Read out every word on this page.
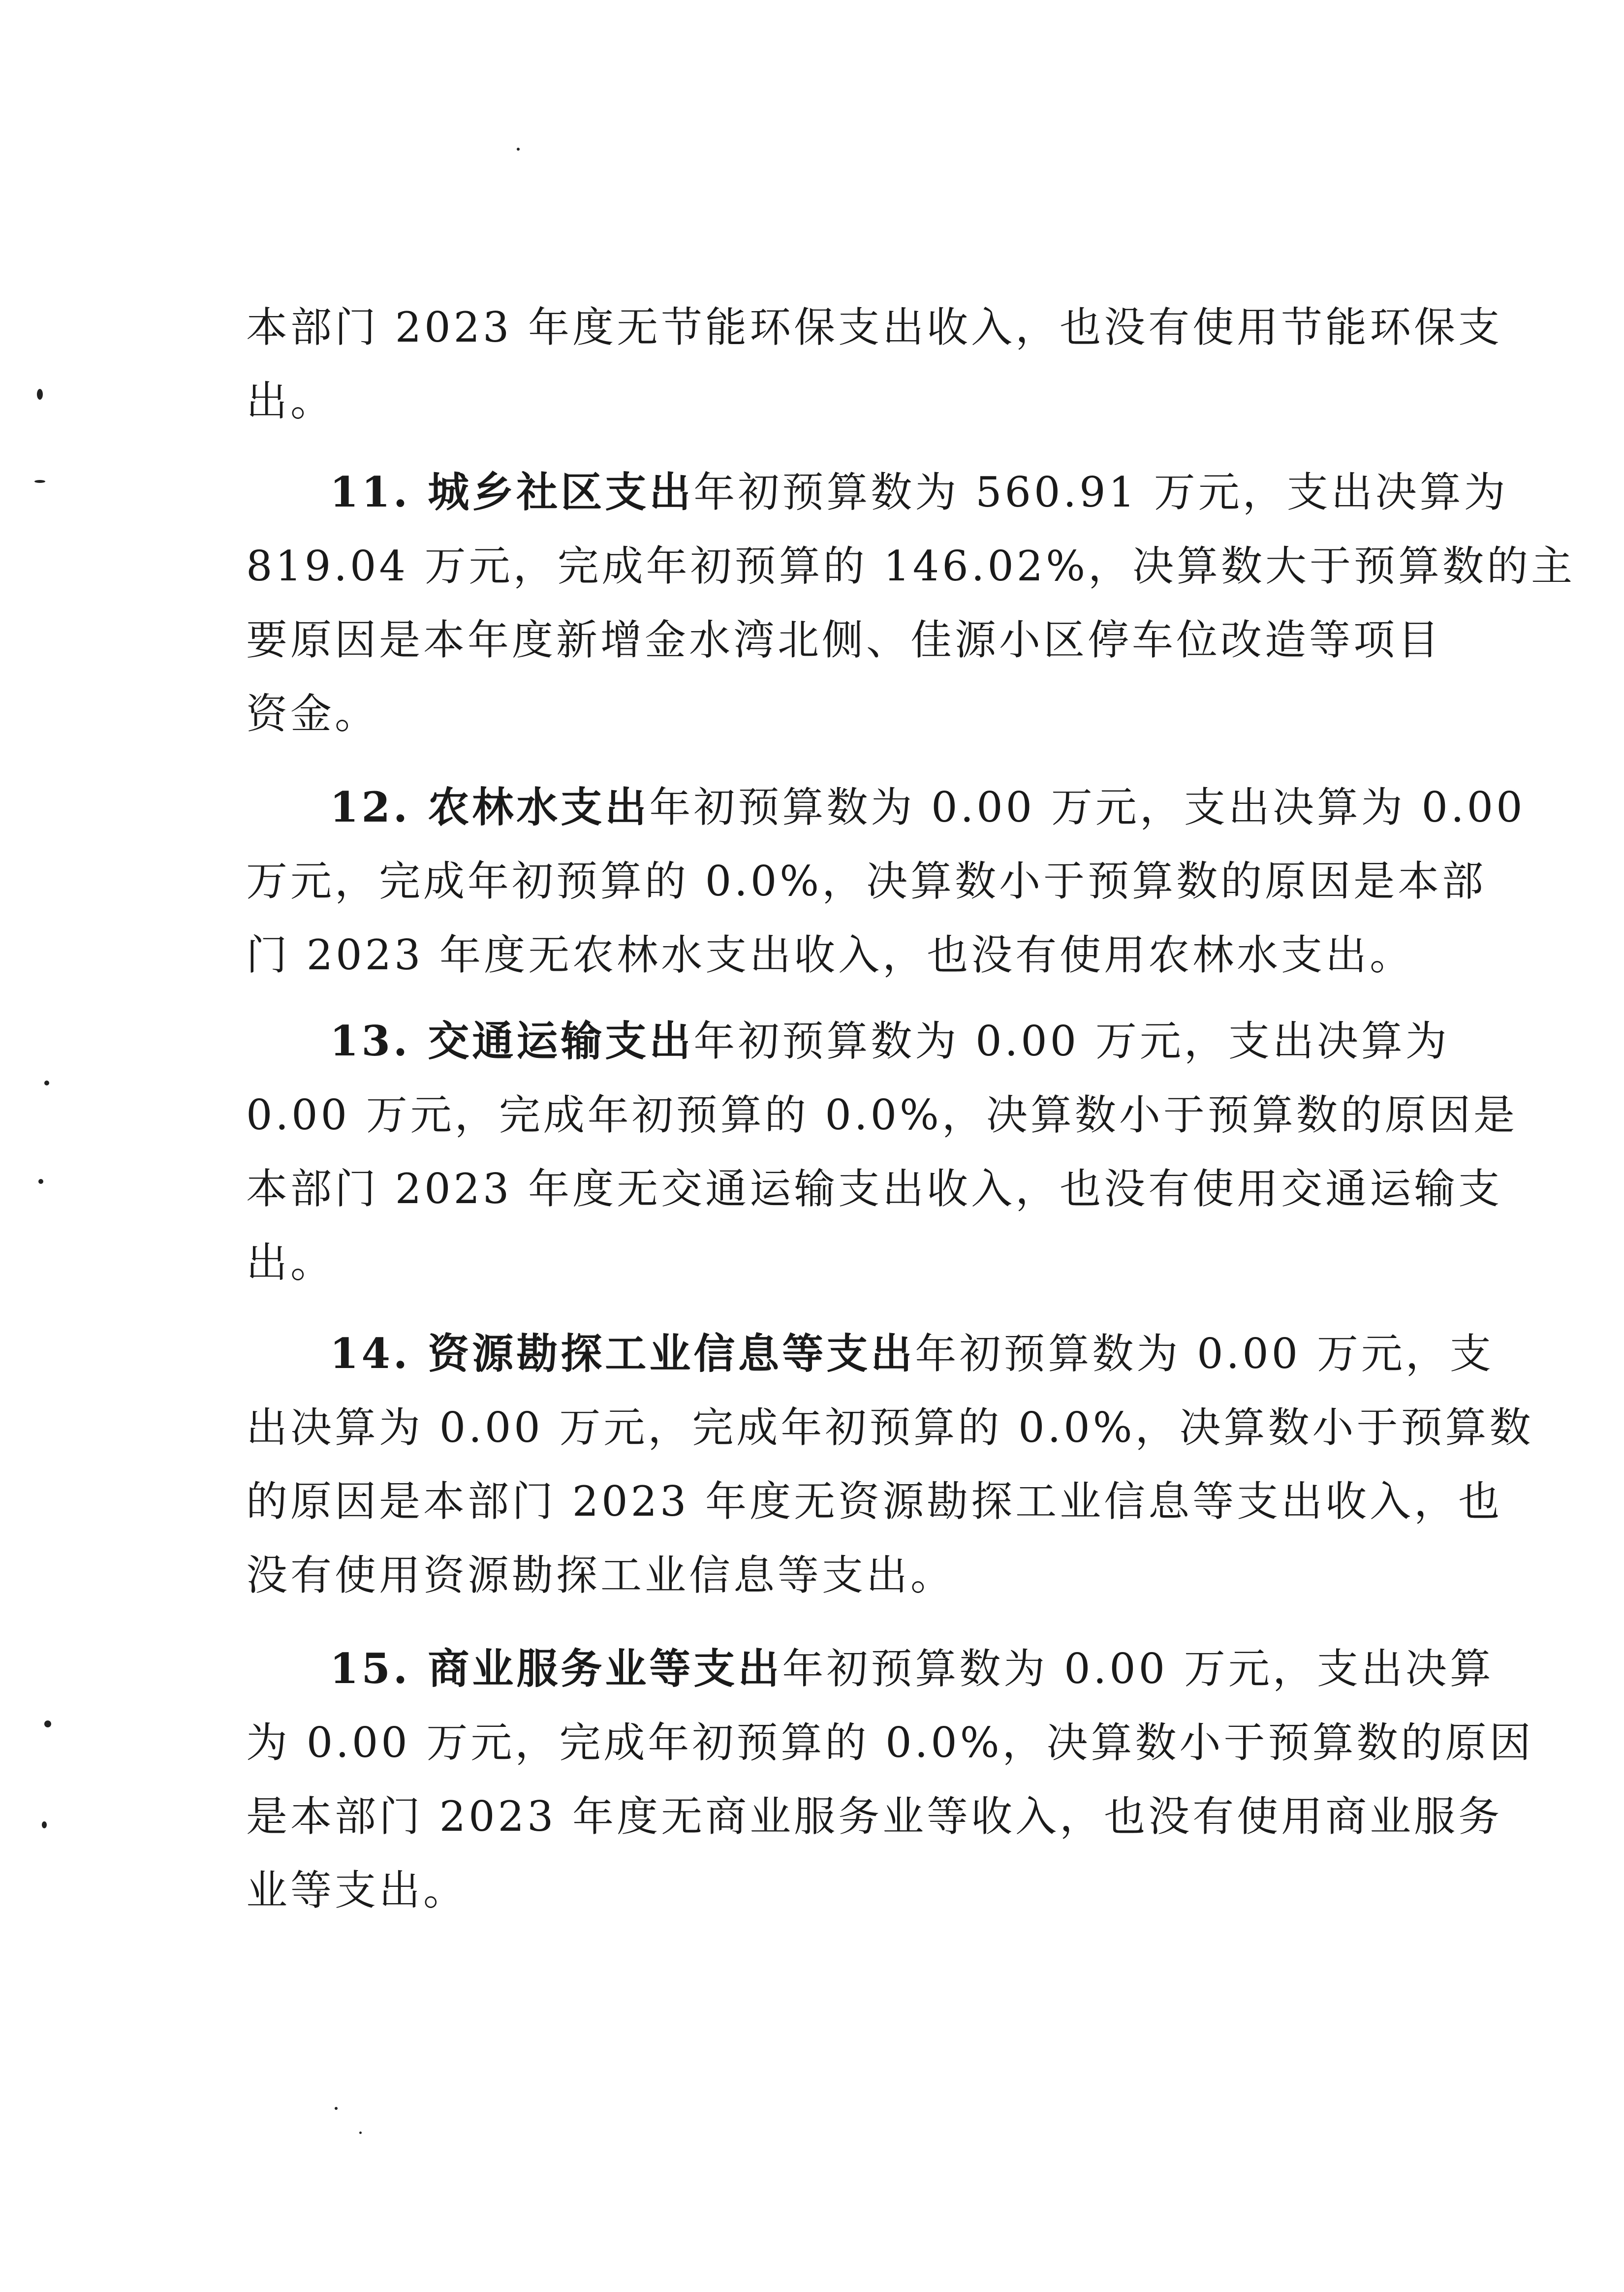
本部门 2023 年度无节能环保支出收入，也没有使用节能环保支
出。
11. 城乡社区支出年初预算数为 560.91 万元，支出决算为
819.04 万元，完成年初预算的 146.02%，决算数大于预算数的主
要原因是本年度新增金水湾北侧、佳源小区停车位改造等项目
资金。
12. 农林水支出年初预算数为 0.00 万元，支出决算为 0.00
万元，完成年初预算的 0.0%，决算数小于预算数的原因是本部
门 2023 年度无农林水支出收入，也没有使用农林水支出。
13. 交通运输支出年初预算数为 0.00 万元，支出决算为
0.00 万元，完成年初预算的 0.0%，决算数小于预算数的原因是
本部门 2023 年度无交通运输支出收入，也没有使用交通运输支
出。
14. 资源勘探工业信息等支出年初预算数为 0.00 万元，支
出决算为 0.00 万元，完成年初预算的 0.0%，决算数小于预算数
的原因是本部门 2023 年度无资源勘探工业信息等支出收入，也
没有使用资源勘探工业信息等支出。
15. 商业服务业等支出年初预算数为 0.00 万元，支出决算
为 0.00 万元，完成年初预算的 0.0%，决算数小于预算数的原因
是本部门 2023 年度无商业服务业等收入，也没有使用商业服务
业等支出。
